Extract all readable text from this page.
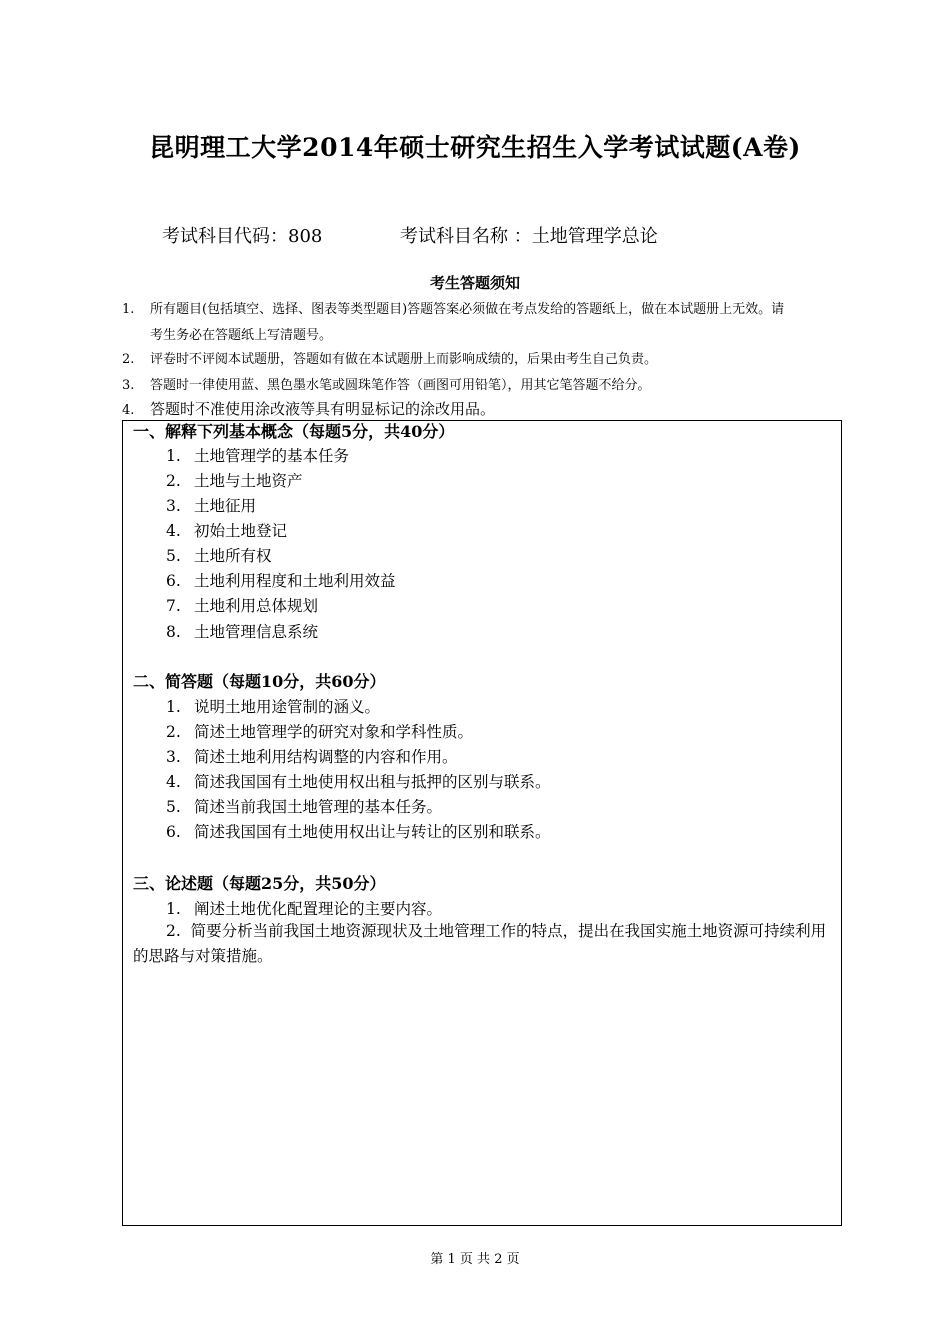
昆明理工大学2014年硕士研究生招生入学考试试题(A卷)
考试科目代码：808	考试科目名称 ：土地管理学总论
考生答题须知
1. 所有题目(包括填空、选择、图表等类型题目)答题答案必须做在考点发给的答题纸上，做在本试题册上无效。请
考生务必在答题纸上写清题号。
2. 评卷时不评阅本试题册，答题如有做在本试题册上而影响成绩的，后果由考生自己负责。
3. 答题时一律使用蓝、黑色墨水笔或圆珠笔作答（画图可用铅笔），用其它笔答题不给分。
4. 答题时不准使用涂改液等具有明显标记的涂改用品。
一、解释下列基本概念（每题5分，共40分）
1. 土地管理学的基本任务
2. 土地与土地资产
3. 土地征用
4. 初始土地登记
5. 土地所有权
6. 土地利用程度和土地利用效益
7. 土地利用总体规划
8. 土地管理信息系统
二、简答题（每题10分，共60分）
1. 说明土地用途管制的涵义。
2. 简述土地管理学的研究对象和学科性质。
3. 简述土地利用结构调整的内容和作用。
4. 简述我国国有土地使用权出租与抵押的区别与联系。
5. 简述当前我国土地管理的基本任务。
6. 简述我国国有土地使用权出让与转让的区别和联系。
三、论述题（每题25分，共50分）
1. 阐述土地优化配置理论的主要内容。
2. 简要分析当前我国土地资源现状及土地管理工作的特点，提出在我国实施土地资源可持续利用的思路与对策措施。
第 1 页 共 2 页
